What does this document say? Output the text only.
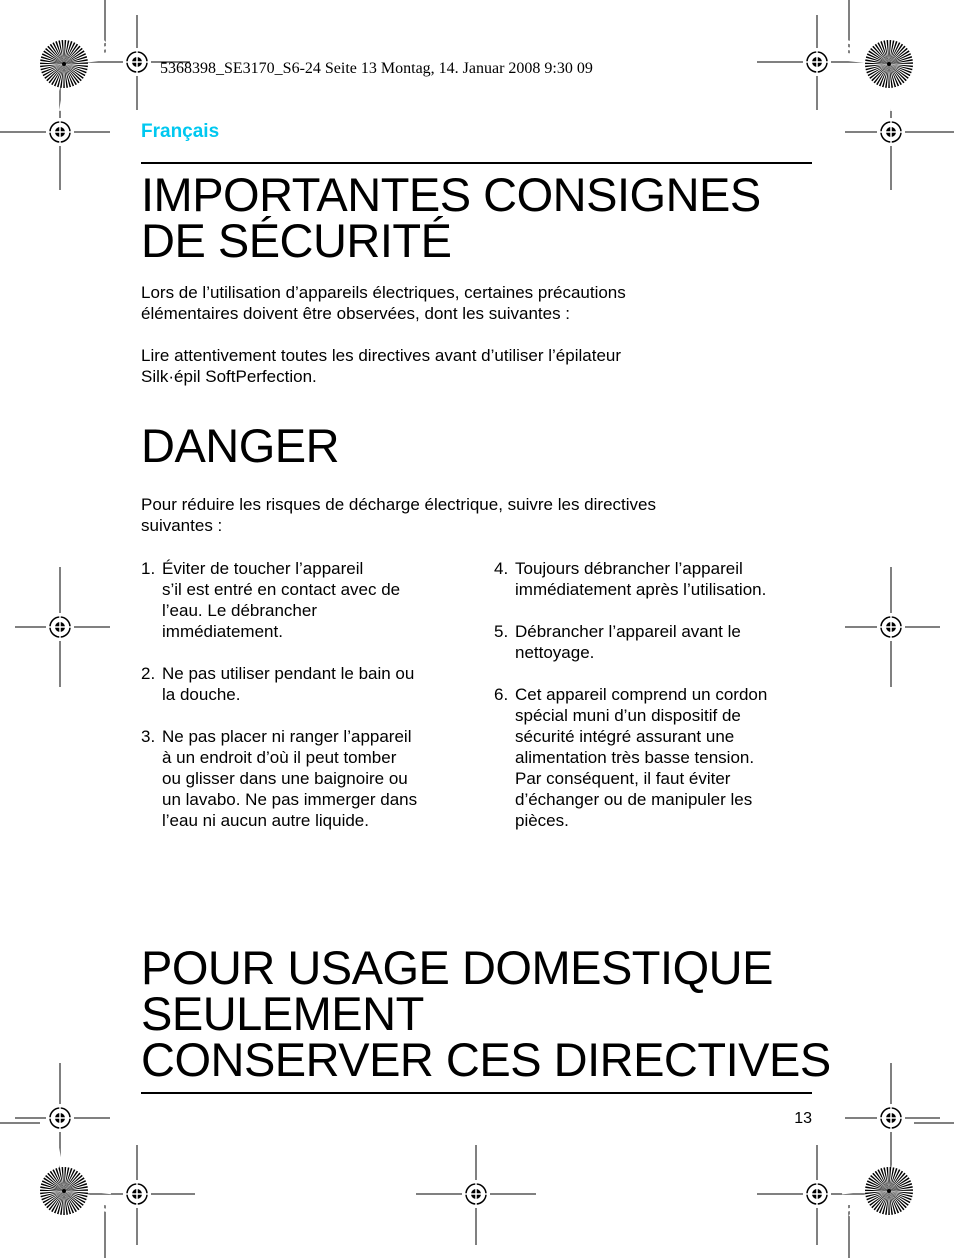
5368398_SE3170_S6-24 Seite 13 Montag, 14. Januar 2008 9:30 09
Français
IMPORTANTES CONSIGNES
DE SÉCURITÉ
Lors de l’utilisation d’appareils électriques, certaines précautions
élémentaires doivent être observées, dont les suivantes :
Lire attentivement toutes les directives avant d’utiliser l’épilateur
Silk·épil SoftPerfection.
DANGER
Pour réduire les risques de décharge électrique, suivre les directives
suivantes :
1. Éviter de toucher l’appareil
s’il est entré en contact avec de
l’eau. Le débrancher
immédiatement.
2. Ne pas utiliser pendant le bain ou
la douche.
3. Ne pas placer ni ranger l’appareil
à un endroit d’où il peut tomber
ou glisser dans une baignoire ou
un lavabo. Ne pas immerger dans
l’eau ni aucun autre liquide.
4. Toujours débrancher l’appareil
immédiatement après l’utilisation.
5. Débrancher l’appareil avant le
nettoyage.
6. Cet appareil comprend un cordon
spécial muni d’un dispositif de
sécurité intégré assurant une
alimentation très basse tension.
Par conséquent, il faut éviter
d’échanger ou de manipuler les
pièces.
POUR USAGE DOMESTIQUE
SEULEMENT
CONSERVER CES DIRECTIVES
13
